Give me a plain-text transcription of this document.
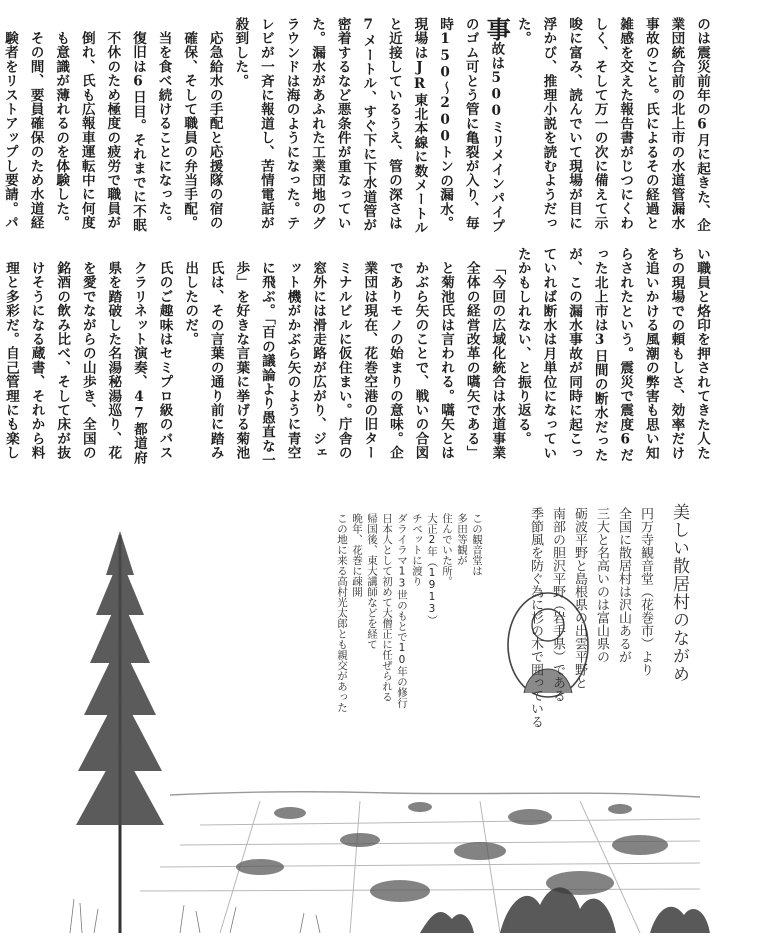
のは震災前年の6月に起きた、企業団統合前の北上市の水道管漏水事故のこと。氏によるその経過と雑感を交えた報告書がじつにくわしく、そして万一の次に備えて示唆に富み、読んでいて現場が目に浮かび、推理小説を読むようだった。
事故は500ミリメインパイプのゴム可とう管に亀裂が入り、毎時150〜200トンの漏水。現場はJR東北本線に数メートルと近接しているうえ、管の深さは7メートル、すぐ下に下水道管が密着するなど悪条件が重なっていた。漏水があふれた工業団地のグラウンドは海のようになった。テレビが一斉に報道し、苦情電話が殺到した。
応急給水の手配と応援隊の宿の確保、そして職員の弁当手配。当を食べ続けることになった。復旧は6日目。それまでに不眠不休のため極度の疲労で職員が倒れ、氏も広報車運転中に何度も意識が薄れるのを体験した。
その間、要員確保のため水道経験者をリストアップし要請。パ
い職員と烙印を押されてきた人たちの現場での頼もしさ、効率だけを追いかける風潮の弊害も思い知らされたという。震災で震度6だった北上市は3日間の断水だったが、この漏水事故が同時に起こっていれば断水は月単位になっていたかもしれない、と振り返る。
「今回の広域化統合は水道事業全体の経営改革の嚆矢である」と菊池氏は言われる。嚆矢とはかぶら矢のことで、戦いの合図でありモノの始まりの意味。企業団は現在、花巻空港の旧ターミナルビルに仮住まい。庁舎の窓外には滑走路が広がり、ジェット機がかぶら矢のように青空に飛ぶ。「百の議論より愚直な一歩」を好きな言葉に挙げる菊池氏は、その言葉の通り前に踏み出したのだ。
氏のご趣味はセミプロ級のバスクラリネット演奏、47都道府県を踏破した名湯秘湯巡り、花を愛でながらの山歩き、全国の銘酒の飲み比べ、そして床が抜けそうになる蔵書、それから料理と多彩だ。自己管理にも楽し
美しい散居村のながめ
円万寺観音堂（花巻市）より
全国に散居村は沢山あるが
三大と名高いのは富山県の
砺波平野と島根県の出雲平野と
南部の胆沢平野（岩手県）である
季節風を防ぐ為に杉の木で囲っている
この観音堂は
多田等観が
住んでいた所。
大正2年（1913）
チベットに渡り
ダライラマ13世のもとで10年の修行
日本人として初めて大僧正に任ぜられる
帰国後、東大講師などを経て
晩年、花巻に疎開
この地に来る高村光太郎とも親交があった
